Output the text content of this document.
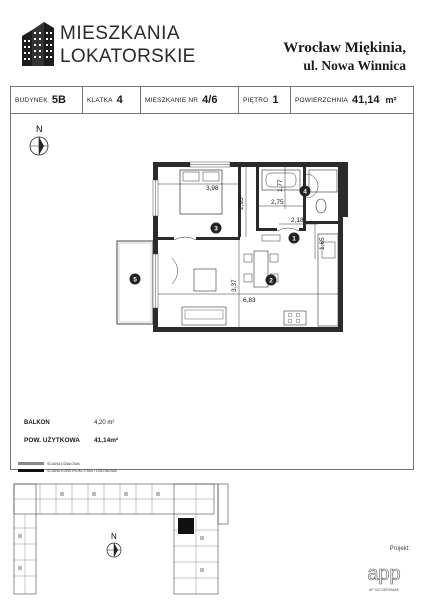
MIESZKANIA
LOKATORSKIE	Wrocław Miękinia,
ul. Nowa Winnica
BUDYNEK 5B	KLATKA 4	MIESZKANIE NR 4/6	PIĘTRO 1	POWIERZCHNIA 41,14 m²
N
3,98
2,95
1,77
2,75
2,18
1,65
3,37
6,83
1
2
3
4
5
BALKON	4,20 m²
POW. UŻYTKOWA	41,14m²
ŚCIANA DZIAŁOWA
ŚCIANA KONSTRUKCYJNA I OSŁONOWA
N
Projekt:
app
AP SZCZEPANIAK
